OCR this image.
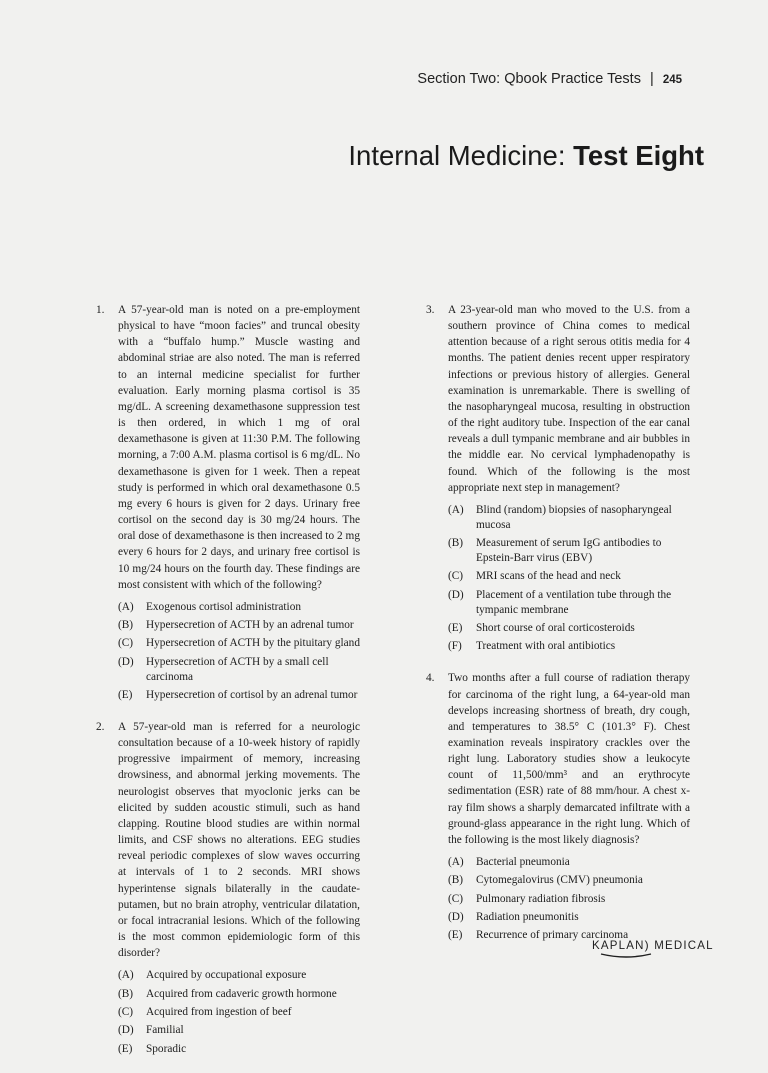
Section Two: Qbook Practice Tests | 245
Internal Medicine: Test Eight
1. A 57-year-old man is noted on a pre-employment physical to have “moon facies” and truncal obesity with a “buffalo hump.” Muscle wasting and abdominal striae are also noted. The man is referred to an internal medicine specialist for further evaluation. Early morning plasma cortisol is 35 mg/dL. A screening dexamethasone suppression test is then ordered, in which 1 mg of oral dexamethasone is given at 11:30 P.M. The following morning, a 7:00 A.M. plasma cortisol is 6 mg/dL. No dexamethasone is given for 1 week. Then a repeat study is performed in which oral dexamethasone 0.5 mg every 6 hours is given for 2 days. Urinary free cortisol on the second day is 30 mg/24 hours. The oral dose of dexamethasone is then increased to 2 mg every 6 hours for 2 days, and urinary free cortisol is 10 mg/24 hours on the fourth day. These findings are most consistent with which of the following?
(A) Exogenous cortisol administration
(B) Hypersecretion of ACTH by an adrenal tumor
(C) Hypersecretion of ACTH by the pituitary gland
(D) Hypersecretion of ACTH by a small cell carcinoma
(E) Hypersecretion of cortisol by an adrenal tumor
2. A 57-year-old man is referred for a neurologic consultation because of a 10-week history of rapidly progressive impairment of memory, increasing drowsiness, and abnormal jerking movements. The neurologist observes that myoclonic jerks can be elicited by sudden acoustic stimuli, such as hand clapping. Routine blood studies are within normal limits, and CSF shows no alterations. EEG studies reveal periodic complexes of slow waves occurring at intervals of 1 to 2 seconds. MRI shows hyperintense signals bilaterally in the caudate-putamen, but no brain atrophy, ventricular dilatation, or focal intracranial lesions. Which of the following is the most common epidemiologic form of this disorder?
(A) Acquired by occupational exposure
(B) Acquired from cadaveric growth hormone
(C) Acquired from ingestion of beef
(D) Familial
(E) Sporadic
3. A 23-year-old man who moved to the U.S. from a southern province of China comes to medical attention because of a right serous otitis media for 4 months. The patient denies recent upper respiratory infections or previous history of allergies. General examination is unremarkable. There is swelling of the nasopharyngeal mucosa, resulting in obstruction of the right auditory tube. Inspection of the ear canal reveals a dull tympanic membrane and air bubbles in the middle ear. No cervical lymphadenopathy is found. Which of the following is the most appropriate next step in management?
(A) Blind (random) biopsies of nasopharyngeal mucosa
(B) Measurement of serum IgG antibodies to Epstein-Barr virus (EBV)
(C) MRI scans of the head and neck
(D) Placement of a ventilation tube through the tympanic membrane
(E) Short course of oral corticosteroids
(F) Treatment with oral antibiotics
4. Two months after a full course of radiation therapy for carcinoma of the right lung, a 64-year-old man develops increasing shortness of breath, dry cough, and temperatures to 38.5° C (101.3° F). Chest examination reveals inspiratory crackles over the right lung. Laboratory studies show a leukocyte count of 11,500/mm³ and an erythrocyte sedimentation (ESR) rate of 88 mm/hour. A chest x-ray film shows a sharply demarcated infiltrate with a ground-glass appearance in the right lung. Which of the following is the most likely diagnosis?
(A) Bacterial pneumonia
(B) Cytomegalovirus (CMV) pneumonia
(C) Pulmonary radiation fibrosis
(D) Radiation pneumonitis
(E) Recurrence of primary carcinoma
KAPLAN) MEDICAL
